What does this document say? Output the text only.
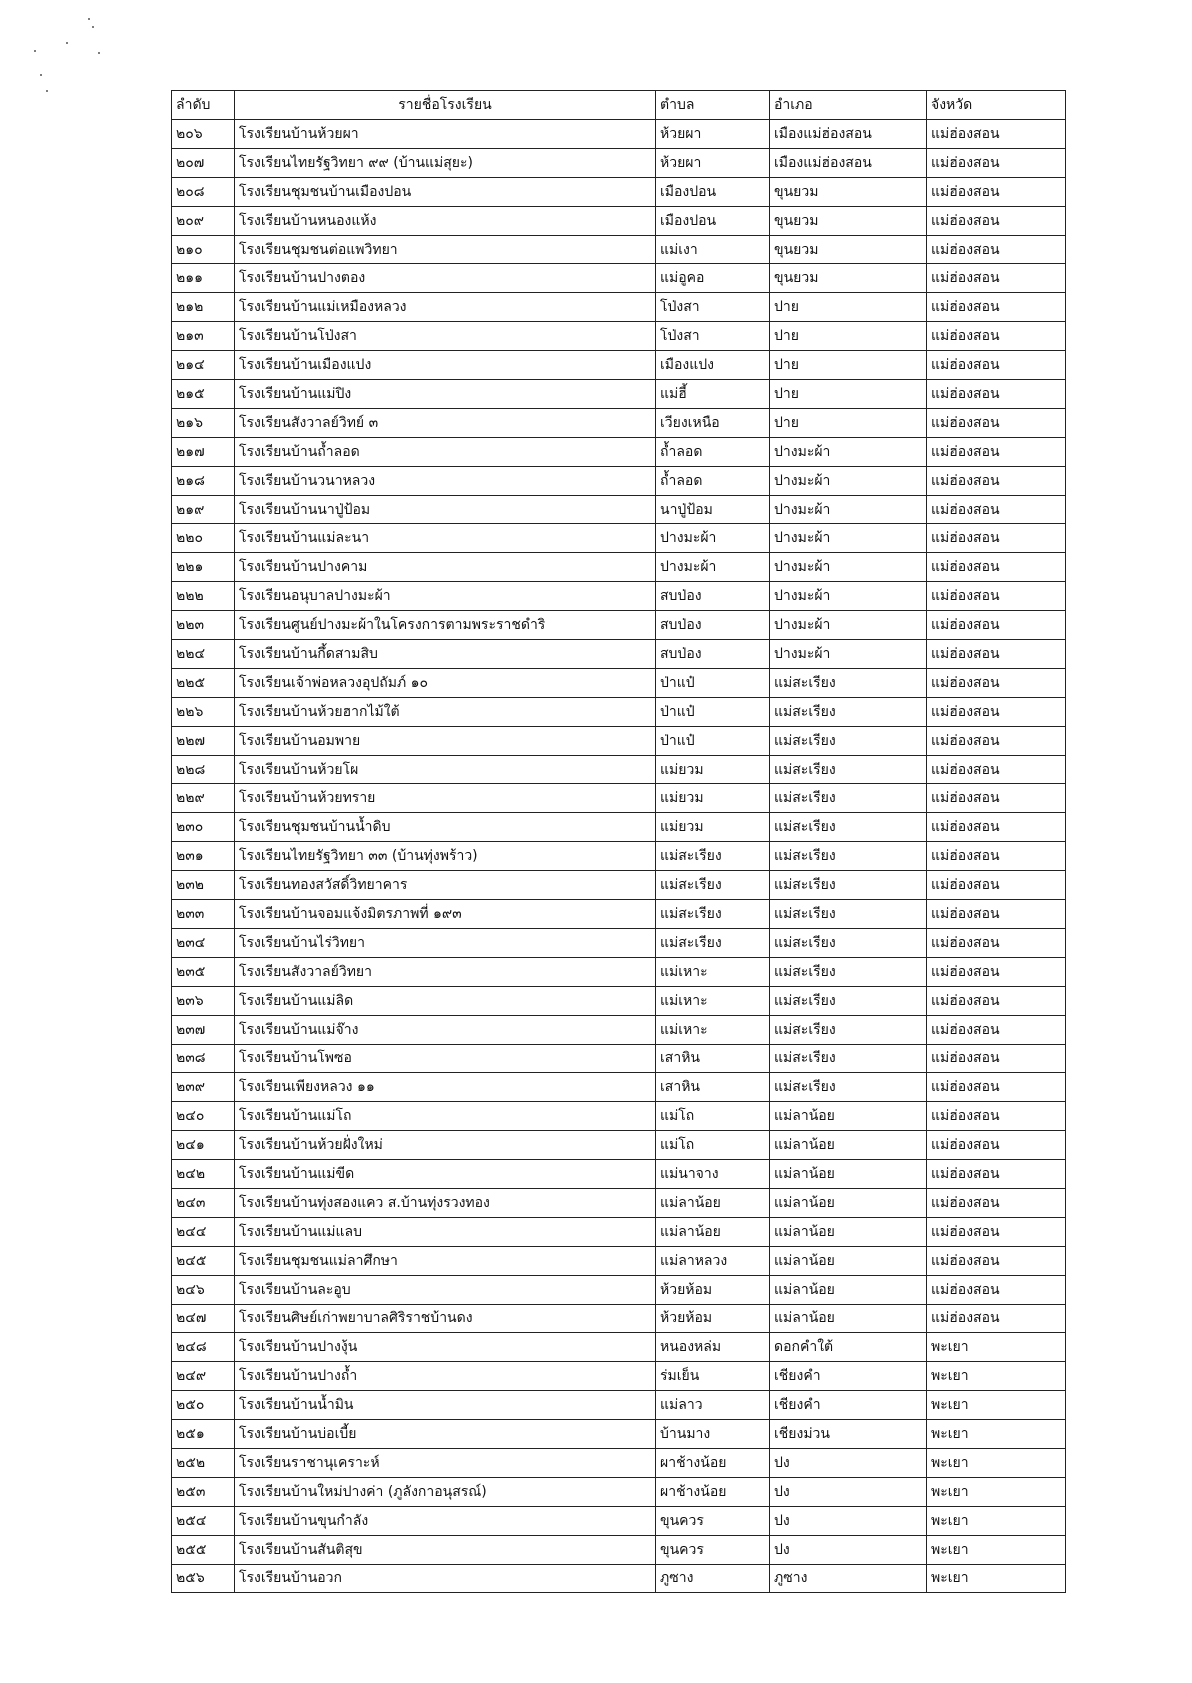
ลำดับ	รายชื่อโรงเรียน	ตำบล	อำเภอ	จังหวัด
๒๐๖	โรงเรียนบ้านห้วยผา	ห้วยผา	เมืองแม่ฮ่องสอน	แม่ฮ่องสอน
๒๐๗	โรงเรียนไทยรัฐวิทยา ๙๙ (บ้านแม่สุยะ)	ห้วยผา	เมืองแม่ฮ่องสอน	แม่ฮ่องสอน
๒๐๘	โรงเรียนชุมชนบ้านเมืองปอน	เมืองปอน	ขุนยวม	แม่ฮ่องสอน
๒๐๙	โรงเรียนบ้านหนองแห้ง	เมืองปอน	ขุนยวม	แม่ฮ่องสอน
๒๑๐	โรงเรียนชุมชนต่อแพวิทยา	แม่เงา	ขุนยวม	แม่ฮ่องสอน
๒๑๑	โรงเรียนบ้านปางตอง	แม่อูคอ	ขุนยวม	แม่ฮ่องสอน
๒๑๒	โรงเรียนบ้านแม่เหมืองหลวง	โป่งสา	ปาย	แม่ฮ่องสอน
๒๑๓	โรงเรียนบ้านโป่งสา	โป่งสา	ปาย	แม่ฮ่องสอน
๒๑๔	โรงเรียนบ้านเมืองแปง	เมืองแปง	ปาย	แม่ฮ่องสอน
๒๑๕	โรงเรียนบ้านแม่ปิง	แม่ฮี้	ปาย	แม่ฮ่องสอน
๒๑๖	โรงเรียนสังวาลย์วิทย์ ๓	เวียงเหนือ	ปาย	แม่ฮ่องสอน
๒๑๗	โรงเรียนบ้านถ้ำลอด	ถ้ำลอด	ปางมะผ้า	แม่ฮ่องสอน
๒๑๘	โรงเรียนบ้านวนาหลวง	ถ้ำลอด	ปางมะผ้า	แม่ฮ่องสอน
๒๑๙	โรงเรียนบ้านนาปู่ป้อม	นาปู่ป้อม	ปางมะผ้า	แม่ฮ่องสอน
๒๒๐	โรงเรียนบ้านแม่ละนา	ปางมะผ้า	ปางมะผ้า	แม่ฮ่องสอน
๒๒๑	โรงเรียนบ้านปางคาม	ปางมะผ้า	ปางมะผ้า	แม่ฮ่องสอน
๒๒๒	โรงเรียนอนุบาลปางมะผ้า	สบป่อง	ปางมะผ้า	แม่ฮ่องสอน
๒๒๓	โรงเรียนศูนย์ปางมะผ้าในโครงการตามพระราชดำริ	สบป่อง	ปางมะผ้า	แม่ฮ่องสอน
๒๒๔	โรงเรียนบ้านกึ้ดสามสิบ	สบป่อง	ปางมะผ้า	แม่ฮ่องสอน
๒๒๕	โรงเรียนเจ้าพ่อหลวงอุปถัมภ์ ๑๐	ป่าแป๋	แม่สะเรียง	แม่ฮ่องสอน
๒๒๖	โรงเรียนบ้านห้วยฮากไม้ใต้	ป่าแป๋	แม่สะเรียง	แม่ฮ่องสอน
๒๒๗	โรงเรียนบ้านอมพาย	ป่าแป๋	แม่สะเรียง	แม่ฮ่องสอน
๒๒๘	โรงเรียนบ้านห้วยโผ	แม่ยวม	แม่สะเรียง	แม่ฮ่องสอน
๒๒๙	โรงเรียนบ้านห้วยทราย	แม่ยวม	แม่สะเรียง	แม่ฮ่องสอน
๒๓๐	โรงเรียนชุมชนบ้านน้ำดิบ	แม่ยวม	แม่สะเรียง	แม่ฮ่องสอน
๒๓๑	โรงเรียนไทยรัฐวิทยา ๓๓ (บ้านทุ่งพร้าว)	แม่สะเรียง	แม่สะเรียง	แม่ฮ่องสอน
๒๓๒	โรงเรียนทองสวัสดิ์วิทยาคาร	แม่สะเรียง	แม่สะเรียง	แม่ฮ่องสอน
๒๓๓	โรงเรียนบ้านจอมแจ้งมิตรภาพที่ ๑๙๓	แม่สะเรียง	แม่สะเรียง	แม่ฮ่องสอน
๒๓๔	โรงเรียนบ้านไร่วิทยา	แม่สะเรียง	แม่สะเรียง	แม่ฮ่องสอน
๒๓๕	โรงเรียนสังวาลย์วิทยา	แม่เหาะ	แม่สะเรียง	แม่ฮ่องสอน
๒๓๖	โรงเรียนบ้านแม่ลิด	แม่เหาะ	แม่สะเรียง	แม่ฮ่องสอน
๒๓๗	โรงเรียนบ้านแม่จ๊าง	แม่เหาะ	แม่สะเรียง	แม่ฮ่องสอน
๒๓๘	โรงเรียนบ้านโพซอ	เสาหิน	แม่สะเรียง	แม่ฮ่องสอน
๒๓๙	โรงเรียนเพียงหลวง ๑๑	เสาหิน	แม่สะเรียง	แม่ฮ่องสอน
๒๔๐	โรงเรียนบ้านแม่โถ	แม่โถ	แม่ลาน้อย	แม่ฮ่องสอน
๒๔๑	โรงเรียนบ้านห้วยฝั่งใหม่	แม่โถ	แม่ลาน้อย	แม่ฮ่องสอน
๒๔๒	โรงเรียนบ้านแม่ขีด	แม่นาจาง	แม่ลาน้อย	แม่ฮ่องสอน
๒๔๓	โรงเรียนบ้านทุ่งสองแคว ส.บ้านทุ่งรวงทอง	แม่ลาน้อย	แม่ลาน้อย	แม่ฮ่องสอน
๒๔๔	โรงเรียนบ้านแม่แลบ	แม่ลาน้อย	แม่ลาน้อย	แม่ฮ่องสอน
๒๔๕	โรงเรียนชุมชนแม่ลาศึกษา	แม่ลาหลวง	แม่ลาน้อย	แม่ฮ่องสอน
๒๔๖	โรงเรียนบ้านละอูบ	ห้วยห้อม	แม่ลาน้อย	แม่ฮ่องสอน
๒๔๗	โรงเรียนศิษย์เก่าพยาบาลศิริราชบ้านดง	ห้วยห้อม	แม่ลาน้อย	แม่ฮ่องสอน
๒๔๘	โรงเรียนบ้านปางงุ้น	หนองหล่ม	ดอกคำใต้	พะเยา
๒๔๙	โรงเรียนบ้านปางถ้ำ	ร่มเย็น	เชียงคำ	พะเยา
๒๕๐	โรงเรียนบ้านน้ำมิน	แม่ลาว	เชียงคำ	พะเยา
๒๕๑	โรงเรียนบ้านบ่อเบี้ย	บ้านมาง	เชียงม่วน	พะเยา
๒๕๒	โรงเรียนราชานุเคราะห์	ผาช้างน้อย	ปง	พะเยา
๒๕๓	โรงเรียนบ้านใหม่ปางค่า (ภูลังกาอนุสรณ์)	ผาช้างน้อย	ปง	พะเยา
๒๕๔	โรงเรียนบ้านขุนกำลัง	ขุนควร	ปง	พะเยา
๒๕๕	โรงเรียนบ้านสันติสุข	ขุนควร	ปง	พะเยา
๒๕๖	โรงเรียนบ้านอวก	ภูซาง	ภูซาง	พะเยา
